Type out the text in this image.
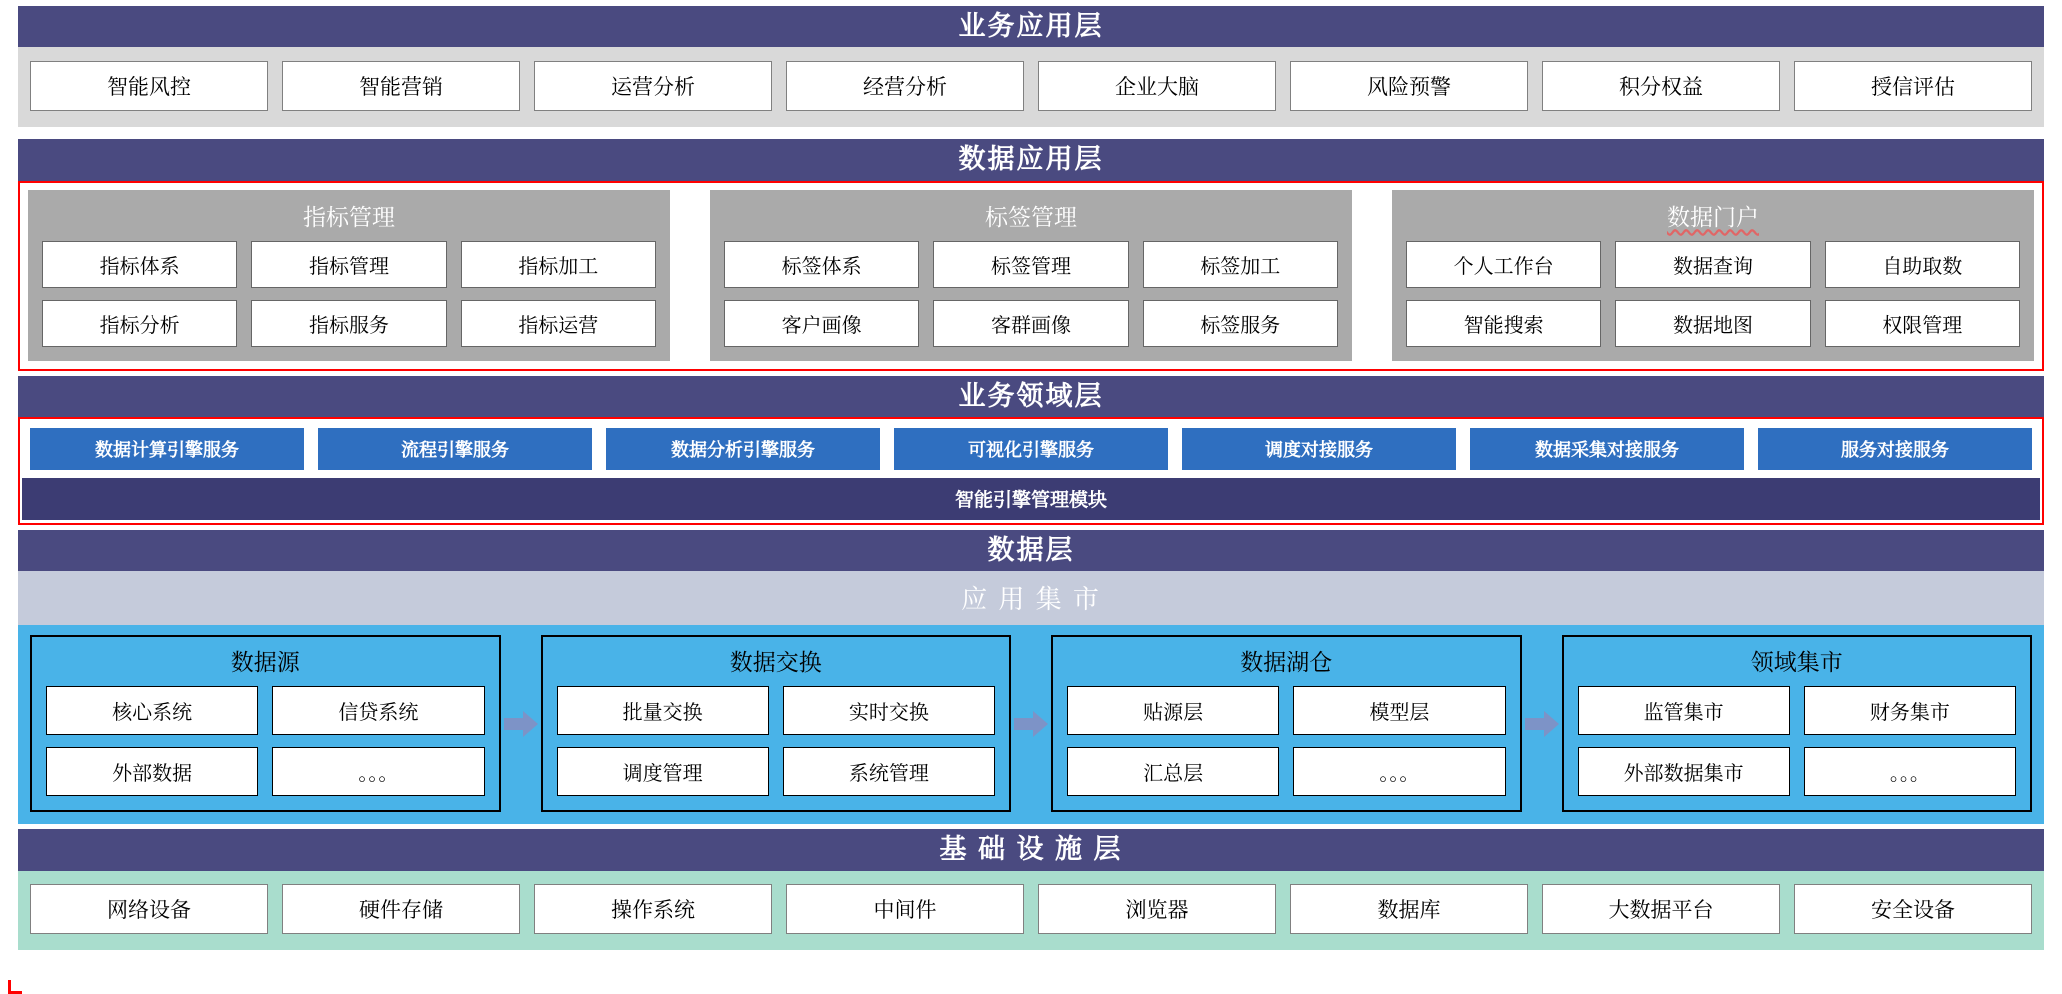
业务应用层
智能风控	智能营销	运营分析	经营分析	企业大脑	风险预警	积分权益	授信评估
数据应用层
指标管理
指标体系	指标管理	指标加工
指标分析	指标服务	指标运营
标签管理
标签体系	标签管理	标签加工
客户画像	客群画像	标签服务
数据门户
个人工作台	数据查询	自助取数
智能搜索	数据地图	权限管理
业务领域层
数据计算引擎服务	流程引擎服务	数据分析引擎服务	可视化引擎服务	调度对接服务	数据采集对接服务	服务对接服务
智能引擎管理模块
数据层
应 用 集 市
数据源
核心系统	信贷系统
外部数据	。。。
数据交换
批量交换	实时交换
调度管理	系统管理
数据湖仓
贴源层	模型层
汇总层	。。。
领域集市
监管集市	财务集市
外部数据集市	。。。
基 础 设 施 层
网络设备	硬件存储	操作系统	中间件	浏览器	数据库	大数据平台	安全设备
